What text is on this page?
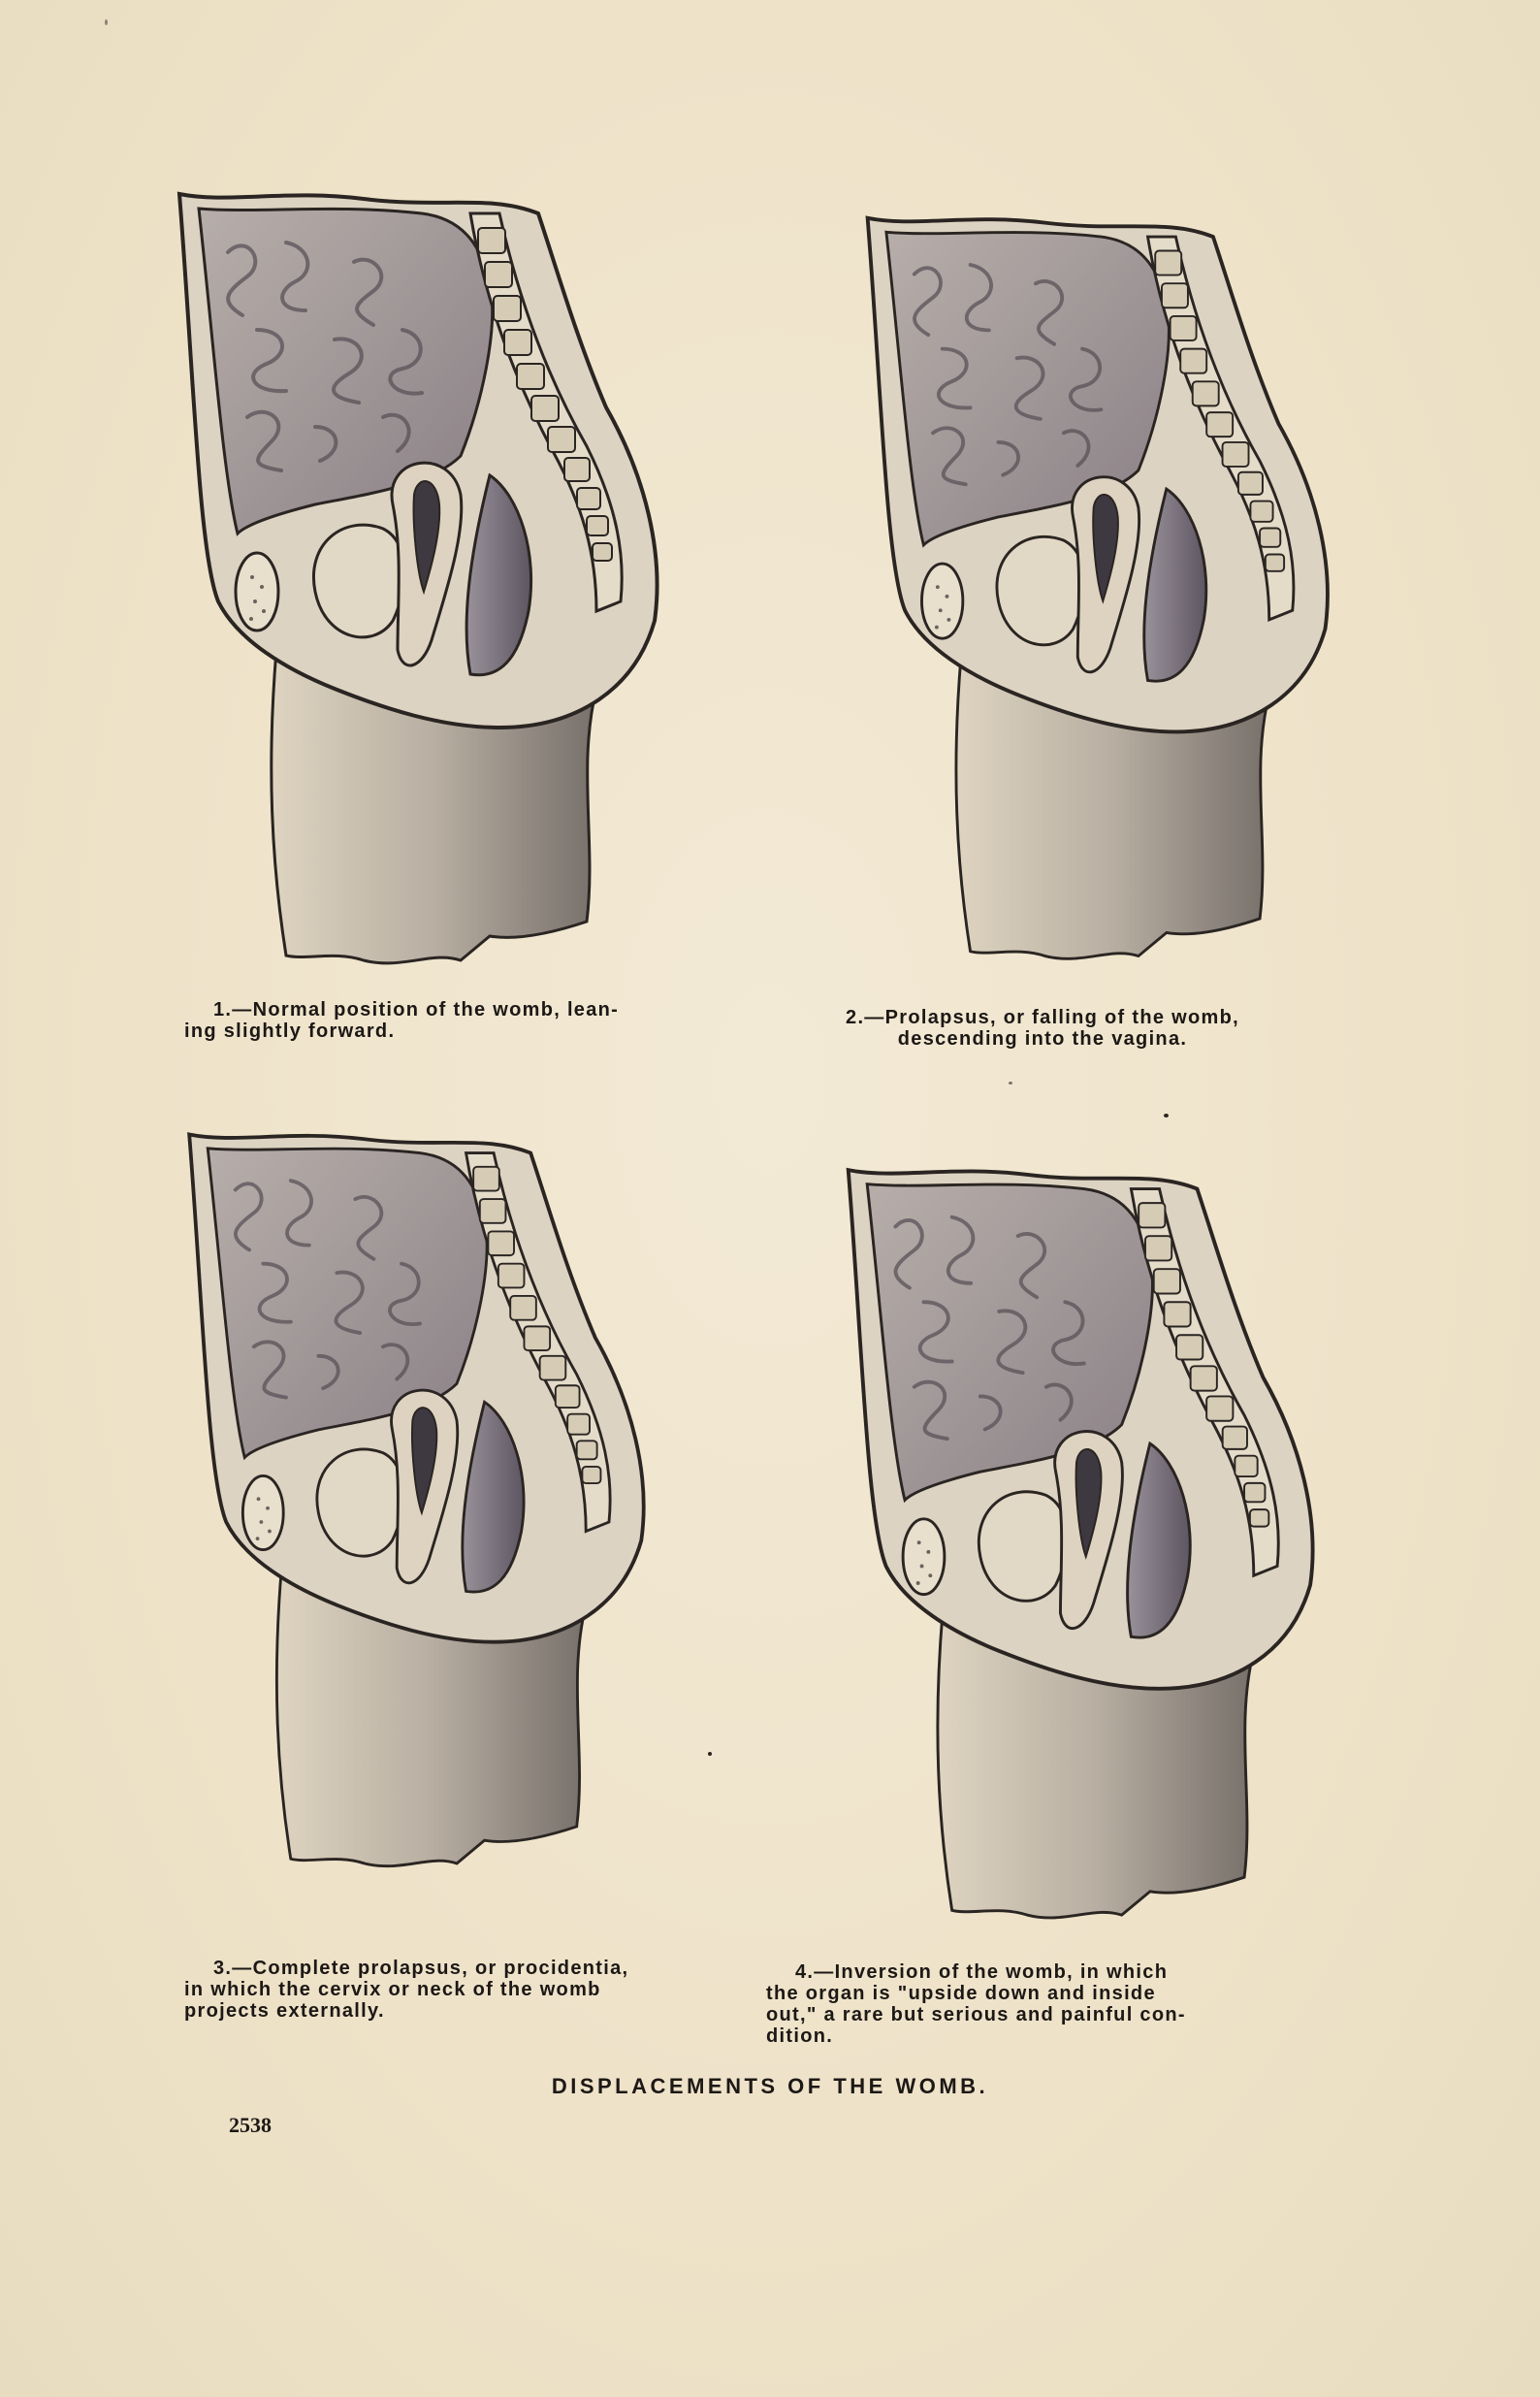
1.—Normal position of the womb, lean-
ing slightly forward.
2.—Prolapsus, or falling of the womb,
descending into the vagina.
3.—Complete prolapsus, or procidentia,
in which the cervix or neck of the womb
projects externally.
4.—Inversion of the womb, in which
the organ is "upside down and inside
out," a rare but serious and painful con-
dition.
DISPLACEMENTS OF THE WOMB.
2538
